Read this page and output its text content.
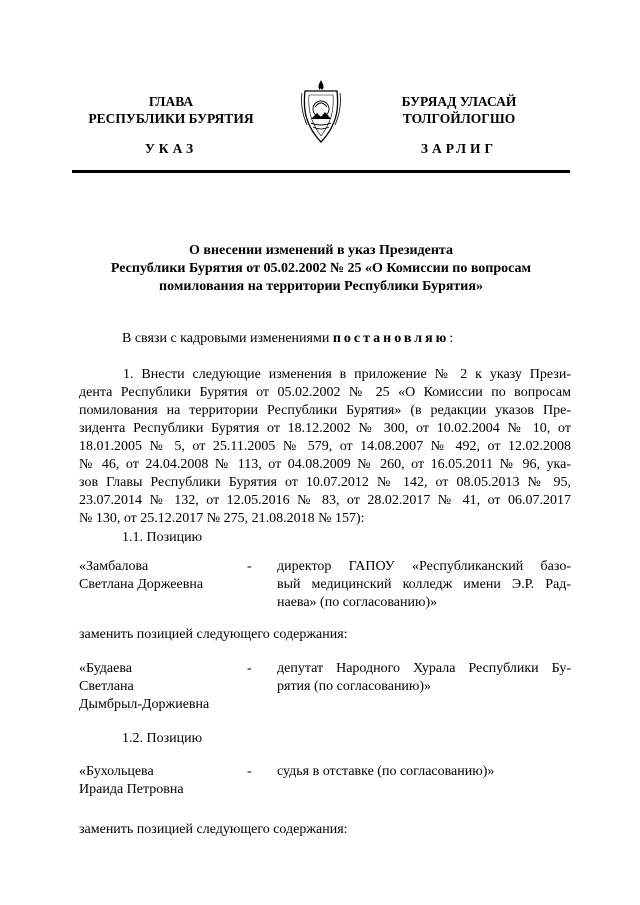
ГЛАВА
РЕСПУБЛИКИ БУРЯТИЯ
БУРЯАД УЛАСАЙ
ТОЛГОЙЛОГШО
УКАЗ	ЗАРЛИГ
О внесении изменений в указ Президента
Республики Бурятия от 05.02.2002 № 25 «О Комиссии по вопросам
помилования на территории Республики Бурятия»
В связи с кадровыми изменениями постановляю:
1. Внести следующие изменения в приложение № 2 к указу Прези-
дента Республики Бурятия от 05.02.2002 № 25 «О Комиссии по вопросам
помилования на территории Республики Бурятия» (в редакции указов Пре-
зидента Республики Бурятия от 18.12.2002 № 300, от 10.02.2004 № 10, от
18.01.2005 № 5, от 25.11.2005 № 579, от 14.08.2007 № 492, от 12.02.2008
№ 46, от 24.04.2008 № 113, от 04.08.2009 № 260, от 16.05.2011 № 96, ука-
зов Главы Республики Бурятия от 10.07.2012 № 142, от 08.05.2013 № 95,
23.07.2014 № 132, от 12.05.2016 № 83, от 28.02.2017 № 41, от 06.07.2017
№ 130, от 25.12.2017 № 275, 21.08.2018 № 157):
1.1. Позицию
«Замбалова
Светлана Доржеевна
- директор ГАПОУ «Республиканский базо-
вый медицинский колледж имени Э.Р. Рад-
наева» (по согласованию)»
заменить позицией следующего содержания:
«Будаева
Светлана
Дымбрыл-Доржиевна
- депутат Народного Хурала Республики Бу-
рятия (по согласованию)»
1.2. Позицию
«Бухольцева
Ираида Петровна
- судья в отставке (по согласованию)»
заменить позицией следующего содержания:
